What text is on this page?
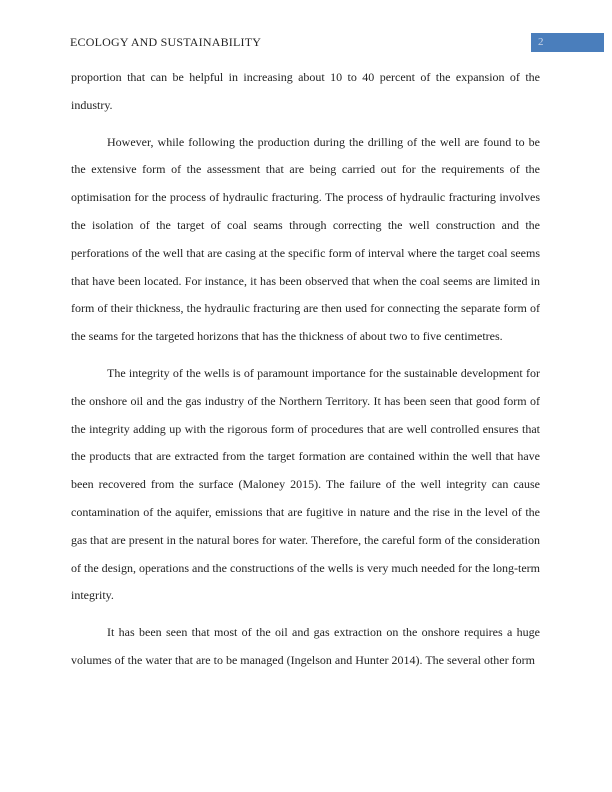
ECOLOGY AND SUSTAINABILITY	2

proportion that can be helpful in increasing about 10 to 40 percent of the expansion of the industry.

However, while following the production during the drilling of the well are found to be the extensive form of the assessment that are being carried out for the requirements of the optimisation for the process of hydraulic fracturing. The process of hydraulic fracturing involves the isolation of the target of coal seams through correcting the well construction and the perforations of the well that are casing at the specific form of interval where the target coal seems that have been located. For instance, it has been observed that when the coal seems are limited in form of their thickness, the hydraulic fracturing are then used for connecting the separate form of the seams for the targeted horizons that has the thickness of about two to five centimetres.

The integrity of the wells is of paramount importance for the sustainable development for the onshore oil and the gas industry of the Northern Territory. It has been seen that good form of the integrity adding up with the rigorous form of procedures that are well controlled ensures that the products that are extracted from the target formation are contained within the well that have been recovered from the surface (Maloney 2015). The failure of the well integrity can cause contamination of the aquifer, emissions that are fugitive in nature and the rise in the level of the gas that are present in the natural bores for water. Therefore, the careful form of the consideration of the design, operations and the constructions of the wells is very much needed for the long-term integrity.

It has been seen that most of the oil and gas extraction on the onshore requires a huge volumes of the water that are to be managed (Ingelson and Hunter 2014). The several other form
